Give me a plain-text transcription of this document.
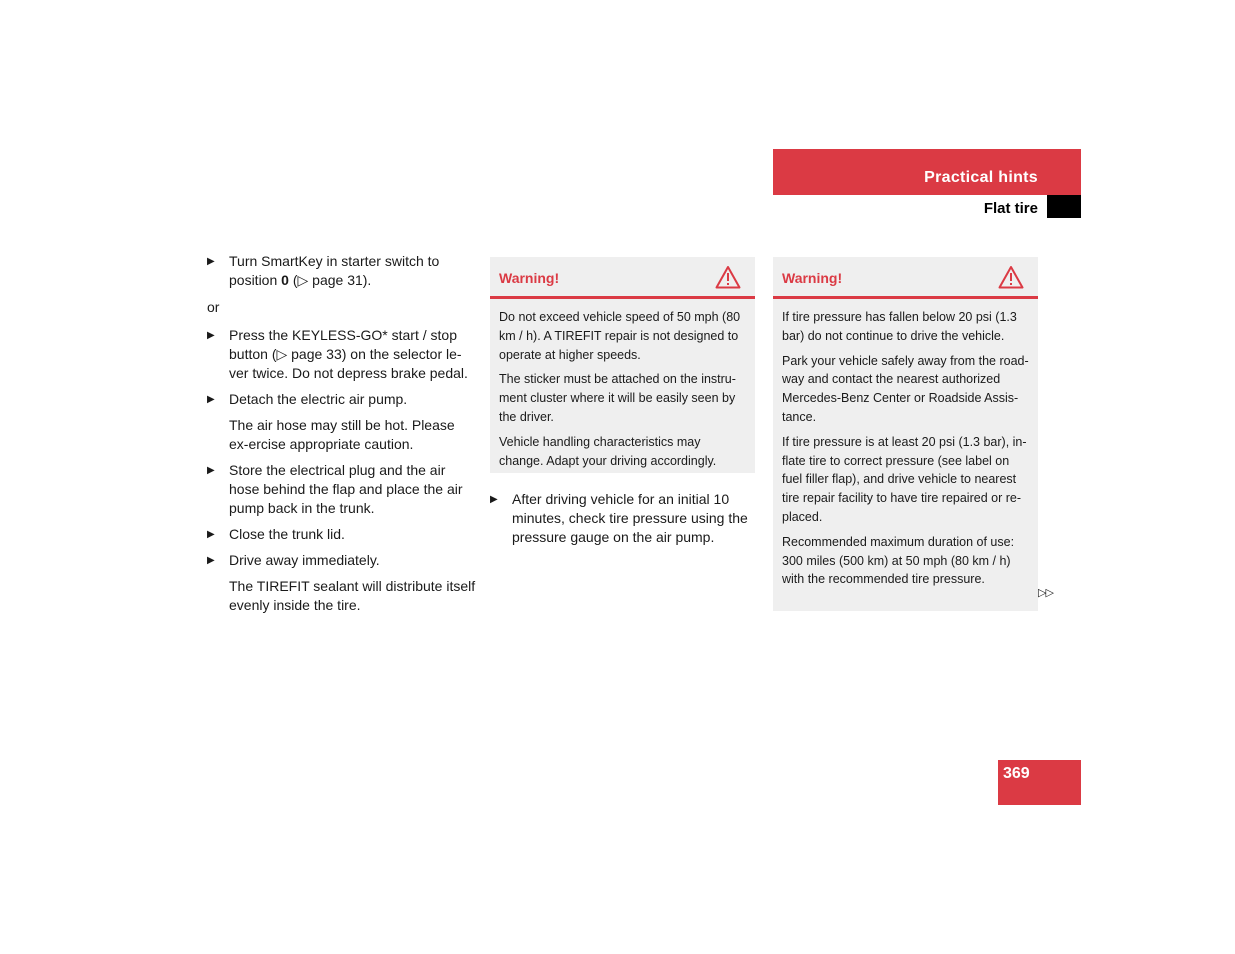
Practical hints
Flat tire
▶ Turn SmartKey in starter switch to position 0 (▷ page 31).
or
▶ Press the KEYLESS-GO* start / stop button (▷ page 33) on the selector le-ver twice. Do not depress brake pedal.
▶ Detach the electric air pump.
The air hose may still be hot. Please ex-ercise appropriate caution.
▶ Store the electrical plug and the air hose behind the flap and place the air pump back in the trunk.
▶ Close the trunk lid.
▶ Drive away immediately.
The TIREFIT sealant will distribute itself evenly inside the tire.
Warning!

Do not exceed vehicle speed of 50 mph (80 km / h). A TIREFIT repair is not designed to operate at higher speeds.

The sticker must be attached on the instru-ment cluster where it will be easily seen by the driver.

Vehicle handling characteristics may change. Adapt your driving accordingly.

▶ After driving vehicle for an initial 10 minutes, check tire pressure using the pressure gauge on the air pump.
Warning!

If tire pressure has fallen below 20 psi (1.3 bar) do not continue to drive the vehicle.

Park your vehicle safely away from the road-way and contact the nearest authorized Mercedes-Benz Center or Roadside Assis-tance.

If tire pressure is at least 20 psi (1.3 bar), in-flate tire to correct pressure (see label on fuel filler flap), and drive vehicle to nearest tire repair facility to have tire repaired or re-placed.

Recommended maximum duration of use: 300 miles (500 km) at 50 mph (80 km / h) with the recommended tire pressure.

▷▷
369
